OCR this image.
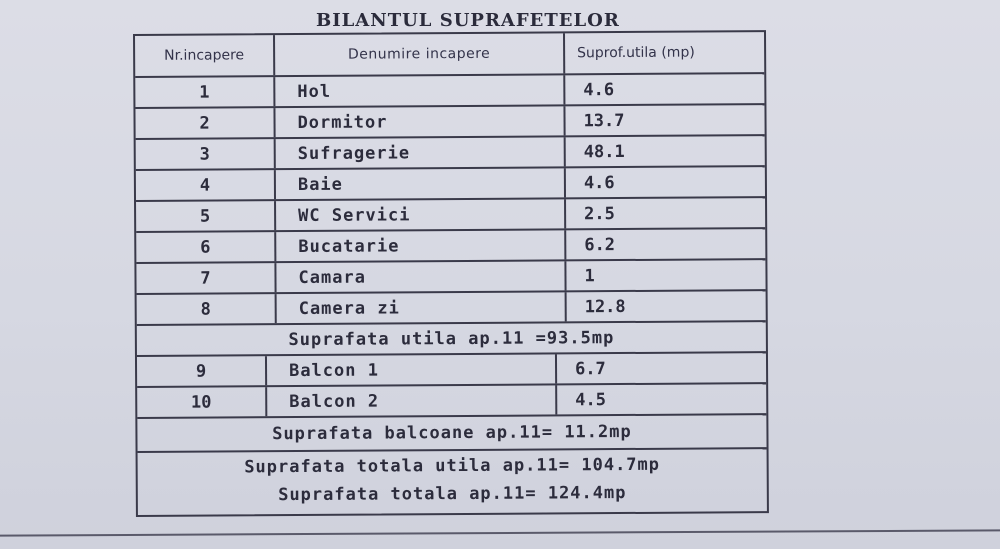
BILANTUL SUPRAFETELOR
Nr.incapere	Denumire incapere	Suprof.utila (mp)
1	Hol	4.6
2	Dormitor	13.7
3	Sufragerie	48.1
4	Baie	4.6
5	WC Servici	2.5
6	Bucatarie	6.2
7	Camara	1
8	Camera zi	12.8
Suprafata utila ap.11 =93.5mp
9	Balcon 1	6.7
10	Balcon 2	4.5
Suprafata balcoane ap.11= 11.2mp
Suprafata totala utila ap.11= 104.7mp
Suprafata totala ap.11= 124.4mp
